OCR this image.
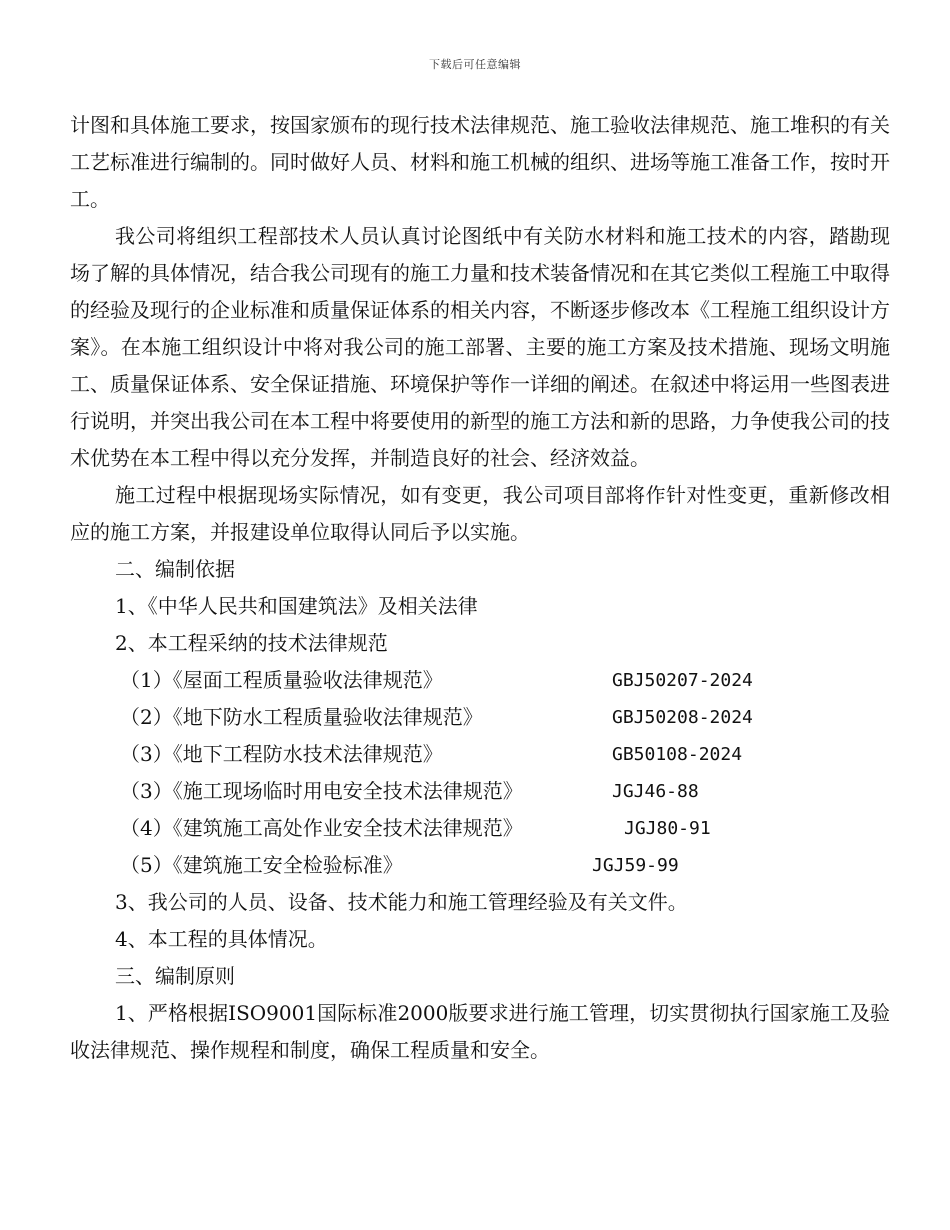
下载后可任意编辑

计图和具体施工要求，按国家颁布的现行技术法律规范、施工验收法律规范、施工堆积的有关工艺标准进行编制的。同时做好人员、材料和施工机械的组织、进场等施工准备工作，按时开工。

我公司将组织工程部技术人员认真讨论图纸中有关防水材料和施工技术的内容，踏勘现场了解的具体情况，结合我公司现有的施工力量和技术装备情况和在其它类似工程施工中取得的经验及现行的企业标准和质量保证体系的相关内容，不断逐步修改本《工程施工组织设计方案》。在本施工组织设计中将对我公司的施工部署、主要的施工方案及技术措施、现场文明施工、质量保证体系、安全保证措施、环境保护等作一详细的阐述。在叙述中将运用一些图表进行说明，并突出我公司在本工程中将要使用的新型的施工方法和新的思路，力争使我公司的技术优势在本工程中得以充分发挥，并制造良好的社会、经济效益。

施工过程中根据现场实际情况，如有变更，我公司项目部将作针对性变更，重新修改相应的施工方案，并报建设单位取得认同后予以实施。

二、编制依据

1、《中华人民共和国建筑法》及相关法律

2、本工程采纳的技术法律规范

（1）《屋面工程质量验收法律规范》	GBJ50207-2024
（2）《地下防水工程质量验收法律规范》	GBJ50208-2024
（3）《地下工程防水技术法律规范》	GB50108-2024
（3）《施工现场临时用电安全技术法律规范》	JGJ46-88
（4）《建筑施工高处作业安全技术法律规范》	JGJ80-91
（5）《建筑施工安全检验标准》	JGJ59-99

3、我公司的人员、设备、技术能力和施工管理经验及有关文件。

4、本工程的具体情况。

三、编制原则

1、严格根据ISO9001国际标准2000版要求进行施工管理，切实贯彻执行国家施工及验收法律规范、操作规程和制度，确保工程质量和安全。
